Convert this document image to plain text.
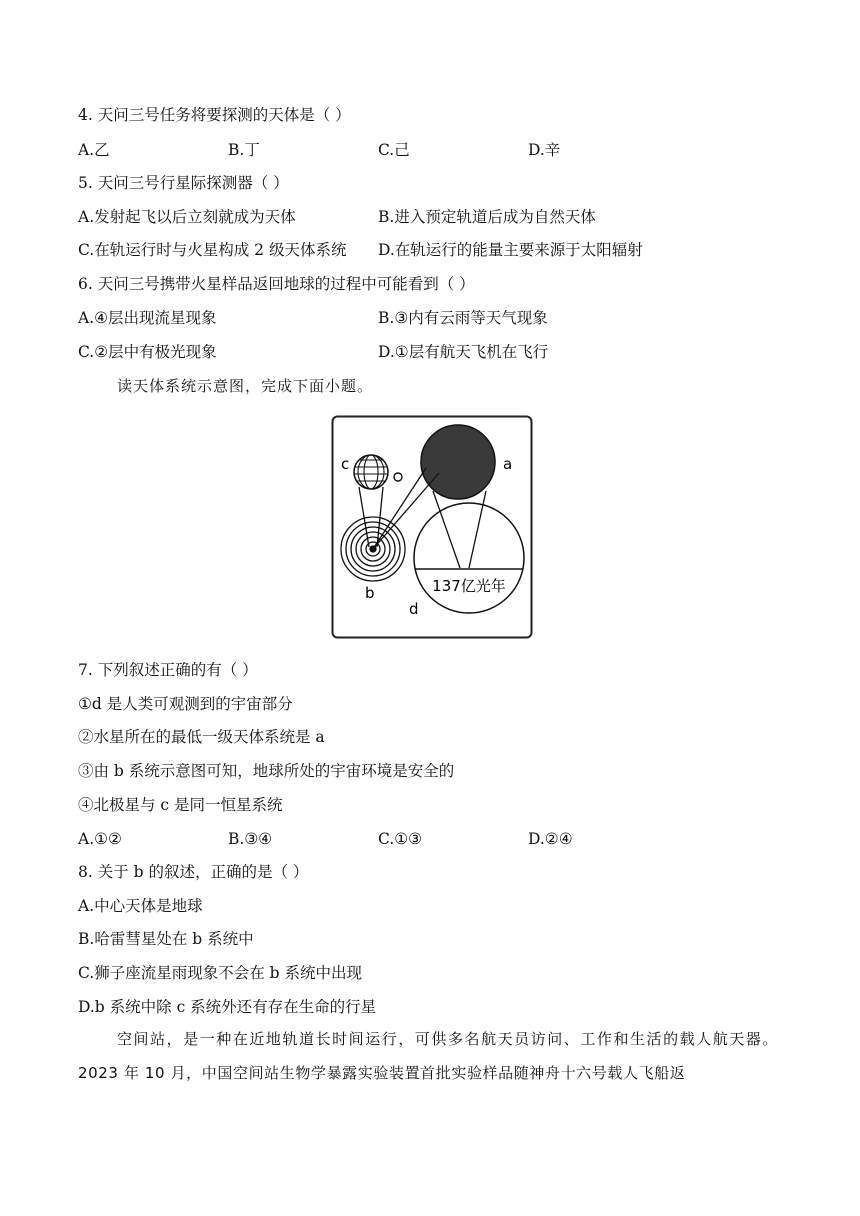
4. 天问三号任务将要探测的天体是（ ）
A.乙	B.丁	C.己	D.辛
5. 天问三号行星际探测器（ ）
A.发射起飞以后立刻就成为天体	B.进入预定轨道后成为自然天体
C.在轨运行时与火星构成 2 级天体系统 D.在轨运行的能量主要来源于太阳辐射
6. 天问三号携带火星样品返回地球的过程中可能看到（ ）
A.④层出现流星现象	B.③内有云雨等天气现象
C.②层中有极光现象	D.①层有航天飞机在飞行
读天体系统示意图，完成下面小题。
a
c
b	137亿光年
d
7. 下列叙述正确的有（ ）
①d 是人类可观测到的宇宙部分
②水星所在的最低一级天体系统是 a
③由 b 系统示意图可知，地球所处的宇宙环境是安全的
④北极星与 c 是同一恒星系统
A.①②	B.③④	C.①③	D.②④
8. 关于 b 的叙述，正确的是（ ）
A.中心天体是地球
B.哈雷彗星处在 b 系统中
C.狮子座流星雨现象不会在 b 系统中出现
D.b 系统中除 c 系统外还有存在生命的行星
空间站，是一种在近地轨道长时间运行，可供多名航天员访问、工作和生活的载人航天器。2023 年 10 月，中国空间站生物学暴露实验装置首批实验样品随神舟十六号载人飞船返
